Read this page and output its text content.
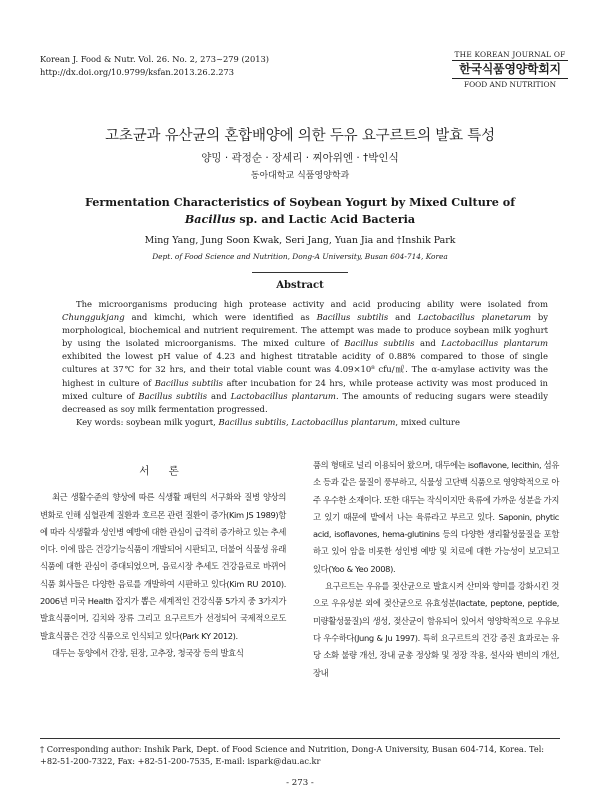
Korean J. Food & Nutr. Vol. 26. No. 2, 273~279 (2013)
http://dx.doi.org/10.9799/ksfan.2013.26.2.273
THE KOREAN JOURNAL OF
한국식품영양학회지
FOOD AND NUTRITION
고초균과 유산균의 혼합배양에 의한 두유 요구르트의 발효 특성
양밍 · 곽정순 · 장세리 · 찌아위엔 · †박인식
동아대학교 식품영양학과
Fermentation Characteristics of Soybean Yogurt by Mixed Culture of Bacillus sp. and Lactic Acid Bacteria
Ming Yang, Jung Soon Kwak, Seri Jang, Yuan Jia and †Inshik Park
Dept. of Food Science and Nutrition, Dong-A University, Busan 604-714, Korea
Abstract

The microorganisms producing high protease activity and acid producing ability were isolated from Chunggukjang and kimchi, which were identified as Bacillus subtilis and Lactobacillus planetarum by morphological, biochemical and nutrient requirement. The attempt was made to produce soybean milk yoghurt by using the isolated microorganisms. The mixed culture of Bacillus subtilis and Lactobacillus plantarum exhibited the lowest pH value of 4.23 and highest titratable acidity of 0.88% compared to those of single cultures at 37℃ for 32 hrs, and their total viable count was 4.09×10⁸ cfu/㎖. The α-amylase activity was the highest in culture of Bacillus subtilis after incubation for 24 hrs, while protease activity was most produced in mixed culture of Bacillus subtilis and Lactobacillus plantarum. The amounts of reducing sugars were steadily decreased as soy milk fermentation progressed.

Key words: soybean milk yogurt, Bacillus subtilis, Lactobacillus plantarum, mixed culture

서 론

최근 생활수준의 향상에 따른 식생활 패턴의 서구화와 질병 양상의 변화로 인해 심혈관계 질환과 호르몬 관련 질환이 증가(Kim JS 1989)함에 따라 식생활과 성인병 예방에 대한 관심이 급격히 증가하고 있는 추세이다. 이에 많은 건강기능식품이 개발되어 시판되고, 더불어 식물성 유래 식품에 대한 관심이 증대되었으며, 음료시장 추세도 건강음료로 바뀌어 식품 회사들은 다양한 음료를 개발하여 시판하고 있다(Kim RU 2010). 2006년 미국 Health 잡지가 뽑은 세계적인 건강식품 5가지 중 3가지가 발효식품이며, 김치와 장류 그리고 요구르트가 선정되어 국제적으로도 발효식품은 건강 식품으로 인식되고 있다(Park KY 2012).

대두는 동양에서 간장, 된장, 고추장, 청국장 등의 발효식

품의 형태로 널리 이용되어 왔으며, 대두에는 isoflavone, lecithin, 섬유소 등과 같은 물질이 풍부하고, 식물성 고단백 식품으로 영양학적으로 아주 우수한 소재이다. 또한 대두는 작식이지만 육류에 가까운 성분을 가지고 있기 때문에 밭에서 나는 육류라고 부르고 있다. Saponin, phytic acid, isoflavones, hema-glutinins 등의 다양한 생리활성물질을 포함하고 있어 암을 비롯한 성인병 예방 및 치료에 대한 가능성이 보고되고 있다(Yoo & Yeo 2008).

요구르트는 우유를 젖산균으로 발효시켜 산미와 향미를 강화시킨 것으로 우유성분 외에 젖산균으로 유효성분(lactate, peptone, peptide, 미량활성물질)의 생성, 젖산균이 함유되어 있어서 영양학적으로 우유보다 우수하다(Jung & Ju 1997). 특히 요구르트의 건강 증진 효과로는 유당 소화 불량 개선, 장내 균총 정상화 및 정장 작용, 설사와 변비의 개선, 장내

† Corresponding author: Inshik Park, Dept. of Food Science and Nutrition, Dong-A University, Busan 604-714, Korea. Tel: +82-51-200-7322, Fax: +82-51-200-7535, E-mail: ispark@dau.ac.kr
- 273 -
